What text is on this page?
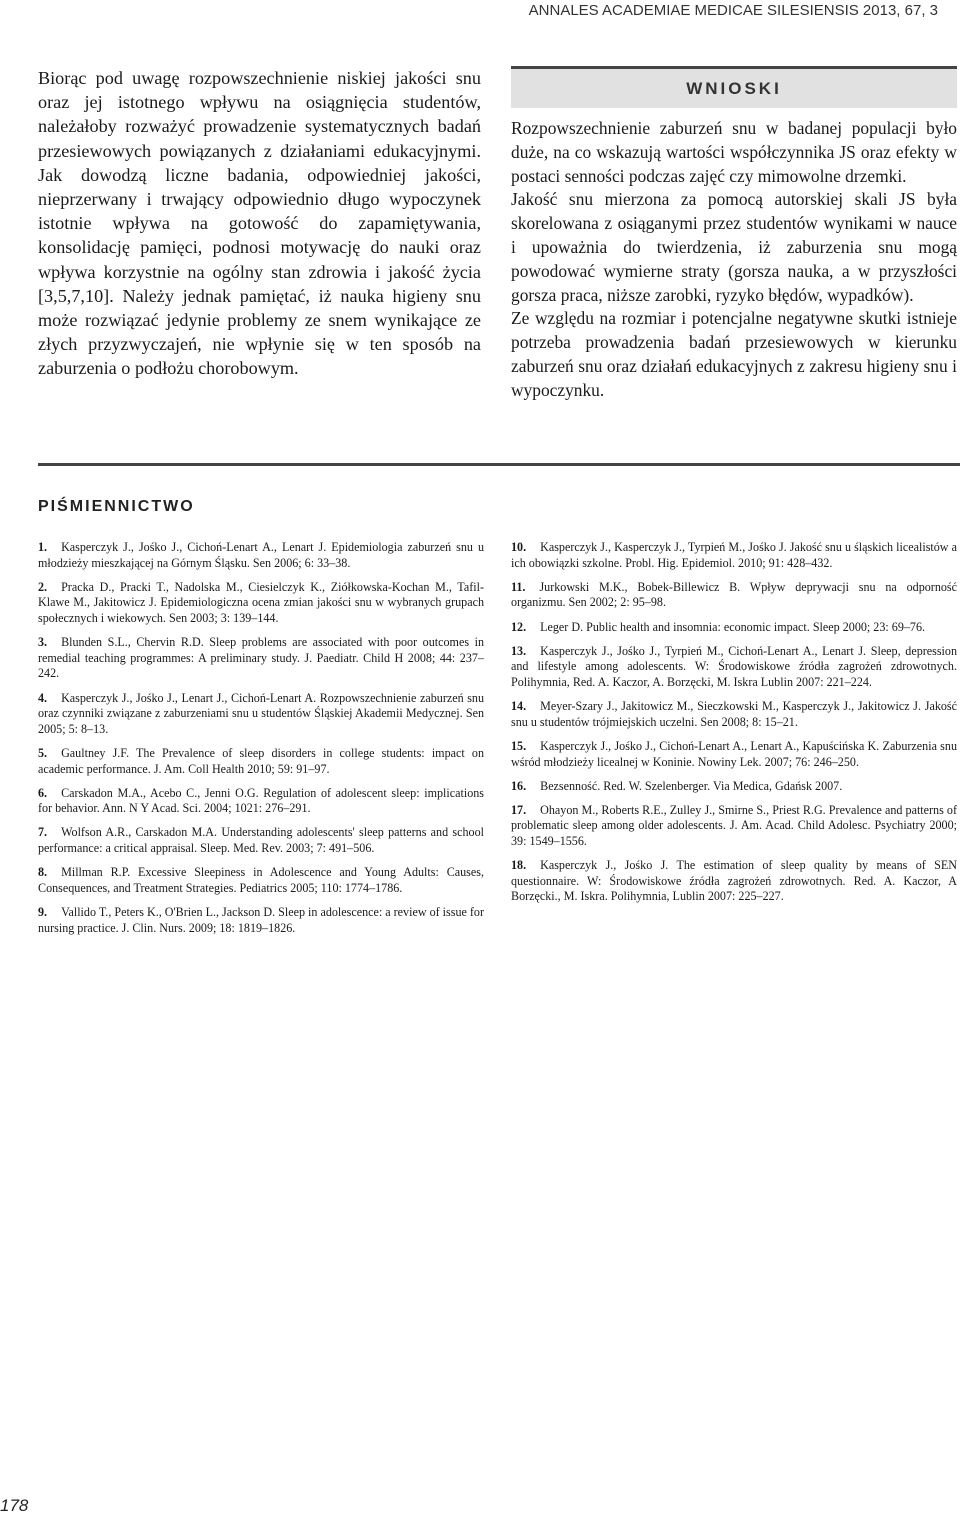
ANNALES ACADEMIAE MEDICAE SILESIENSIS 2013, 67, 3

Biorąc pod uwagę rozpowszechnienie niskiej jakości snu oraz jej istotnego wpływu na osiągnięcia studentów, należałoby rozważyć prowadzenie systematycznych badań przesiewowych powiązanych z działaniami edukacyjnymi. Jak dowodzą liczne badania, odpowiedniej jakości, nieprzerwany i trwający odpowiednio długo wypoczynek istotnie wpływa na gotowość do zapamiętywania, konsolidację pamięci, podnosi motywację do nauki oraz wpływa korzystnie na ogólny stan zdrowia i jakość życia [3,5,7,10]. Należy jednak pamiętać, iż nauka higieny snu może rozwiązać jedynie problemy ze snem wynikające ze złych przyzwyczajeń, nie wpłynie się w ten sposób na zaburzenia o podłożu chorobowym.

WNIOSKI

Rozpowszechnienie zaburzeń snu w badanej populacji było duże, na co wskazują wartości współczynnika JS oraz efekty w postaci senności podczas zajęć czy mimowolne drzemki.

Jakość snu mierzona za pomocą autorskiej skali JS była skorelowana z osiąganymi przez studentów wynikami w nauce i upoważnia do twierdzenia, iż zaburzenia snu mogą powodować wymierne straty (gorsza nauka, a w przyszłości gorsza praca, niższe zarobki, ryzyko błędów, wypadków).

Ze względu na rozmiar i potencjalne negatywne skutki istnieje potrzeba prowadzenia badań przesiewowych w kierunku zaburzeń snu oraz działań edukacyjnych z zakresu higieny snu i wypoczynku.

PIŚMIENNICTWO

1. Kasperczyk J., Jośko J., Cichoń-Lenart A., Lenart J. Epidemiologia zaburzeń snu u młodzieży mieszkającej na Górnym Śląsku. Sen 2006; 6: 33–38.

2. Pracka D., Pracki T., Nadolska M., Ciesielczyk K., Ziółkowska-Kochan M., Tafil-Klawe M., Jakitowicz J. Epidemiologiczna ocena zmian jakości snu w wybranych grupach społecznych i wiekowych. Sen 2003; 3: 139–144.

3. Blunden S.L., Chervin R.D. Sleep problems are associated with poor outcomes in remedial teaching programmes: A preliminary study. J. Paediatr. Child H 2008; 44: 237–242.

4. Kasperczyk J., Jośko J., Lenart J., Cichoń-Lenart A. Rozpowszechnienie zaburzeń snu oraz czynniki związane z zaburzeniami snu u studentów Śląskiej Akademii Medycznej. Sen 2005; 5: 8–13.

5. Gaultney J.F. The Prevalence of sleep disorders in college students: impact on academic performance. J. Am. Coll Health 2010; 59: 91–97.

6. Carskadon M.A., Acebo C., Jenni O.G. Regulation of adolescent sleep: implications for behavior. Ann. N Y Acad. Sci. 2004; 1021: 276–291.

7. Wolfson A.R., Carskadon M.A. Understanding adolescents' sleep patterns and school performance: a critical appraisal. Sleep. Med. Rev. 2003; 7: 491–506.

8. Millman R.P. Excessive Sleepiness in Adolescence and Young Adults: Causes, Consequences, and Treatment Strategies. Pediatrics 2005; 110: 1774–1786.

9. Vallido T., Peters K., O'Brien L., Jackson D. Sleep in adolescence: a review of issue for nursing practice. J. Clin. Nurs. 2009; 18: 1819–1826.

10. Kasperczyk J., Kasperczyk J., Tyrpień M., Jośko J. Jakość snu u śląskich licealistów a ich obowiązki szkolne. Probl. Hig. Epidemiol. 2010; 91: 428–432.

11. Jurkowski M.K., Bobek-Billewicz B. Wpływ deprywacji snu na odporność organizmu. Sen 2002; 2: 95–98.

12. Leger D. Public health and insomnia: economic impact. Sleep 2000; 23: 69–76.

13. Kasperczyk J., Jośko J., Tyrpień M., Cichoń-Lenart A., Lenart J. Sleep, depression and lifestyle among adolescents. W: Środowiskowe źródła zagrożeń zdrowotnych. Polihymnia, Red. A. Kaczor, A. Borzęcki, M. Iskra Lublin 2007: 221–224.

14. Meyer-Szary J., Jakitowicz M., Sieczkowski M., Kasperczyk J., Jakitowicz J. Jakość snu u studentów trójmiejskich uczelni. Sen 2008; 8: 15–21.

15. Kasperczyk J., Jośko J., Cichoń-Lenart A., Lenart A., Kapuścińska K. Zaburzenia snu wśród młodzieży licealnej w Koninie. Nowiny Lek. 2007; 76: 246–250.

16. Bezsenność. Red. W. Szelenberger. Via Medica, Gdańsk 2007.

17. Ohayon M., Roberts R.E., Zulley J., Smirne S., Priest R.G. Prevalence and patterns of problematic sleep among older adolescents. J. Am. Acad. Child Adolesc. Psychiatry 2000; 39: 1549–1556.

18. Kasperczyk J., Jośko J. The estimation of sleep quality by means of SEN questionnaire. W: Środowiskowe źródła zagrożeń zdrowotnych. Red. A. Kaczor, A Borzęcki., M. Iskra. Polihymnia, Lublin 2007: 225–227.

178
